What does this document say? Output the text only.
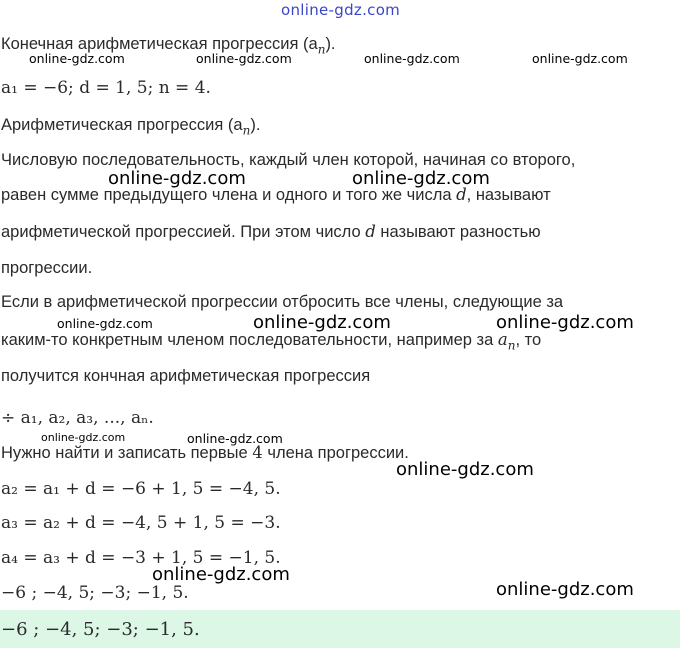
online-gdz.com
Конечная арифметическая прогрессия $(a_n)$.
a₁ = −6; d = 1, 5; n = 4.
Арифметическая прогрессия $(a_n)$.
Числовую последовательность, каждый член которой, начиная со второго,
равен сумме предыдущего члена и одного и того же числа d, называют
арифметической прогрессией. При этом число d называют разностью
прогрессии.
Если в арифметической прогрессии отбросить все члены, следующие за
каким-то конкретным членом последовательности, например за $a_n$, то
получится кончная арифметическая прогрессия
÷ a₁, a₂, a₃, ..., aₙ.
Нужно найти и записать первые 4 члена прогрессии.
a₂ = a₁ + d = −6 + 1, 5 = −4, 5.
a₃ = a₂ + d = −4, 5 + 1, 5 = −3.
a₄ = a₃ + d = −3 + 1, 5 = −1, 5.
−6 ; −4, 5; −3; −1, 5.
−6 ; −4, 5; −3; −1, 5.
online-gdz.com	online-gdz.com	online-gdz.com	online-gdz.com
online-gdz.com	online-gdz.com
online-gdz.com	online-gdz.com	online-gdz.com
online-gdz.com	online-gdz.com
online-gdz.com
online-gdz.com
online-gdz.com
